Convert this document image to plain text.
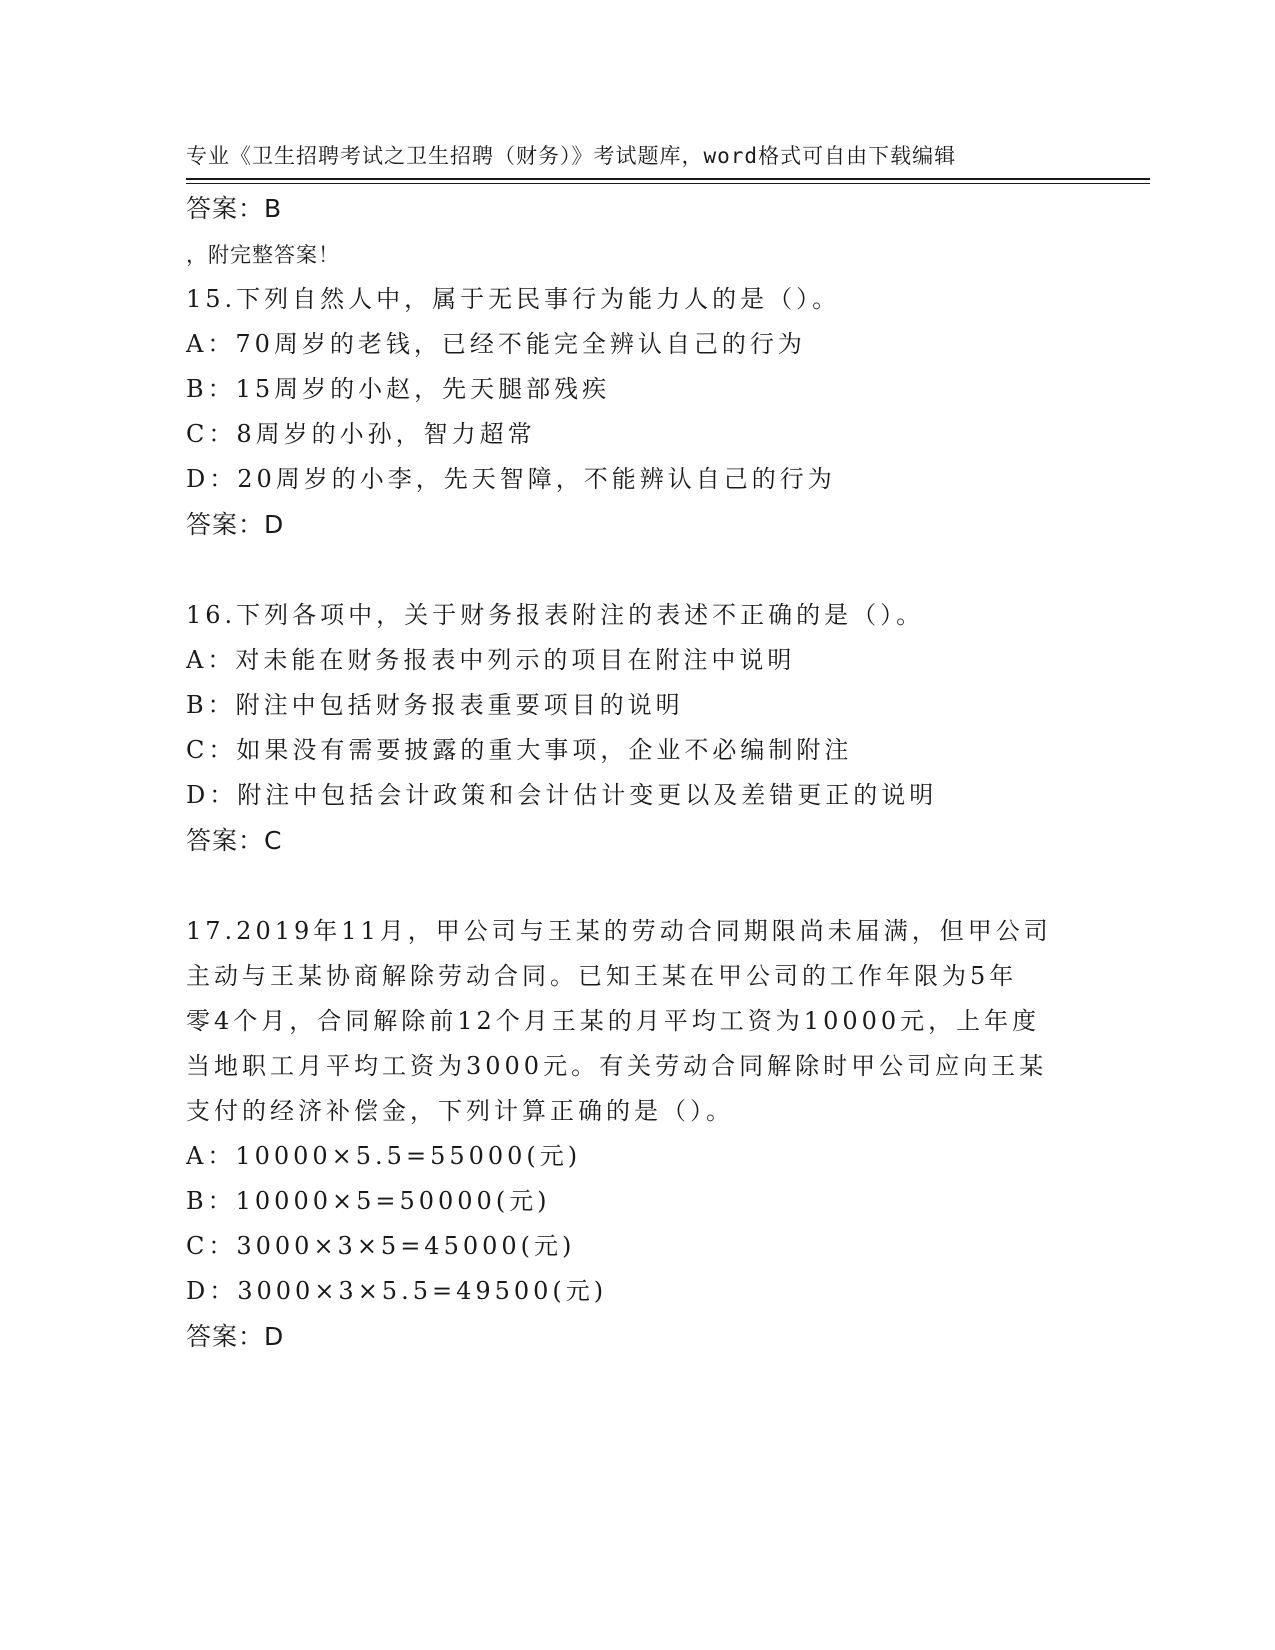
专业《卫生招聘考试之卫生招聘（财务）》考试题库，word格式可自由下载编辑

，附完整答案！

答案：B
15.下列自然人中，属于无民事行为能力人的是（）。
A：70周岁的老钱，已经不能完全辨认自己的行为
B：15周岁的小赵，先天腿部残疾
C：8周岁的小孙，智力超常
D：20周岁的小李，先天智障，不能辨认自己的行为
答案：D
16.下列各项中，关于财务报表附注的表述不正确的是（）。
A：对未能在财务报表中列示的项目在附注中说明
B：附注中包括财务报表重要项目的说明
C：如果没有需要披露的重大事项，企业不必编制附注
D：附注中包括会计政策和会计估计变更以及差错更正的说明
答案：C
17.2019年11月，甲公司与王某的劳动合同期限尚未届满，但甲公司
主动与王某协商解除劳动合同。已知王某在甲公司的工作年限为5年
零4个月，合同解除前12个月王某的月平均工资为10000元，上年度
当地职工月平均工资为3000元。有关劳动合同解除时甲公司应向王某
支付的经济补偿金，下列计算正确的是（）。
A：10000×5.5=55000(元)
B：10000×5=50000(元)
C：3000×3×5=45000(元)
D：3000×3×5.5=49500(元)
答案：D
